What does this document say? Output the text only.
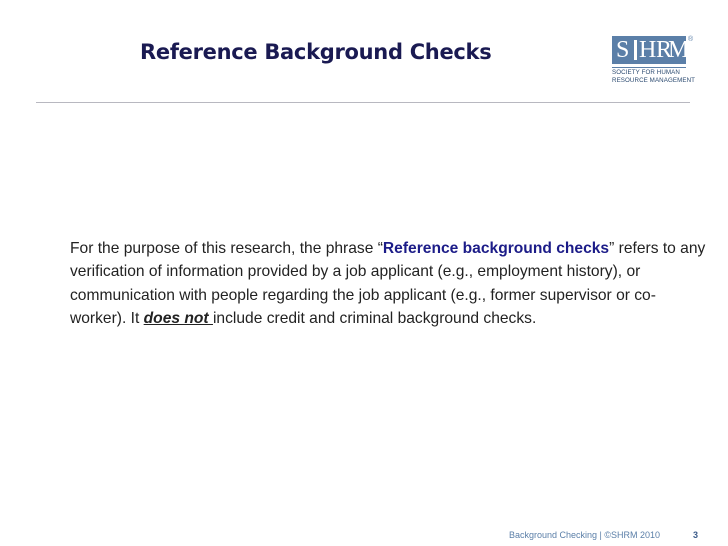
Reference Background Checks	S H R
M
®
SOCIETY FOR HUMAN
RESOURCE MANAGEMENT
For the purpose of this research, the phrase “Reference background checks” refers to any verification of information provided by a job applicant (e.g., employment history), or communication with people regarding the job applicant (e.g., former supervisor or co-worker). It does not include credit and criminal background checks.
Background Checking | ©SHRM 2010	3
